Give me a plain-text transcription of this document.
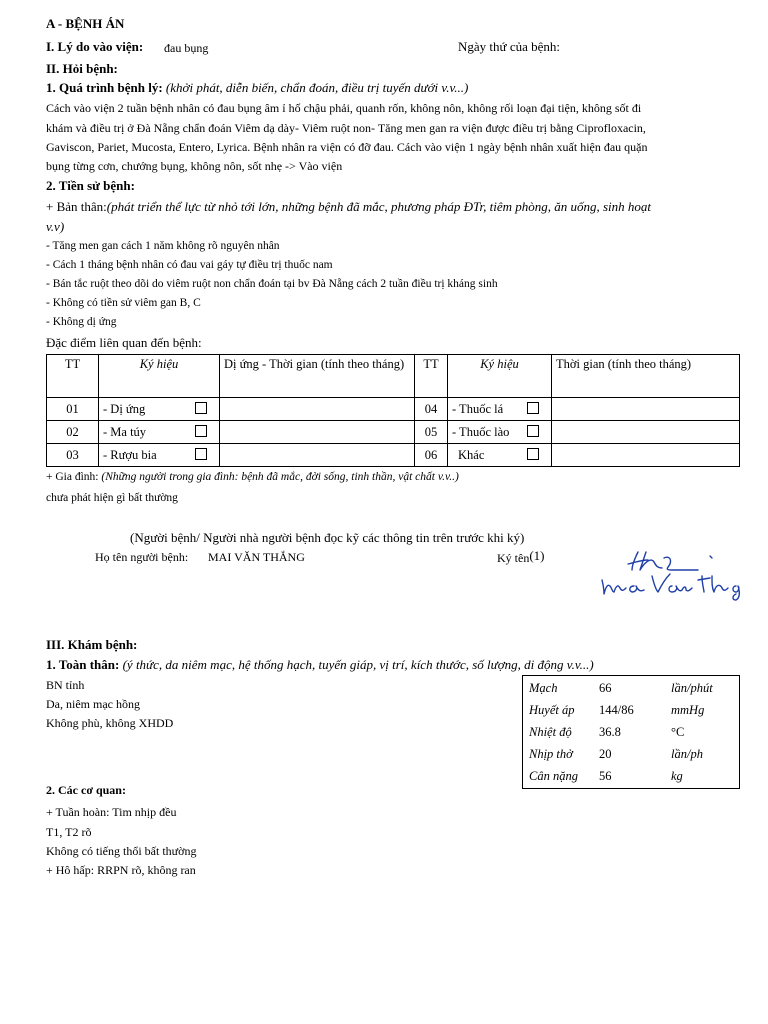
A - BỆNH ÁN
I. Lý do vào viện: đau bụng	Ngày thứ của bệnh:
II. Hỏi bệnh:
1. Quá trình bệnh lý: (khởi phát, diễn biến, chẩn đoán, điều trị tuyến dưới v.v...)
Cách vào viện 2 tuần bệnh nhân có đau bụng âm ỉ hố chậu phải, quanh rốn, không nôn, không rối loạn đại tiện, không sốt đi
khám và điều trị ở Đà Nẵng chẩn đoán Viêm dạ dày- Viêm ruột non- Tăng men gan ra viện được điều trị bằng Ciprofloxacin,
Gaviscon, Pariet, Mucosta, Entero, Lyrica. Bệnh nhân ra viện có đỡ đau. Cách vào viện 1 ngày bệnh nhân xuất hiện đau quặn
bụng từng cơn, chướng bụng, không nôn, sốt nhẹ -> Vào viện
2. Tiền sử bệnh:
+ Bản thân:(phát triển thể lực từ nhỏ tới lớn, những bệnh đã mắc, phương pháp ĐTr, tiêm phòng, ăn uống, sinh hoạt
v.v)
- Tăng men gan cách 1 năm không rõ nguyên nhân
- Cách 1 tháng bệnh nhân có đau vai gáy tự điều trị thuốc nam
- Bán tắc ruột theo dõi do viêm ruột non chẩn đoán tại bv Đà Nẵng cách 2 tuần điều trị kháng sinh
- Không có tiền sử viêm gan B, C
- Không dị ứng
Đặc điểm liên quan đến bệnh:
TT	Ký hiệu	Dị ứng - Thời gian (tính theo tháng)	TT	Ký hiệu	Thời gian (tính theo tháng)
01	- Dị ứng		04	- Thuốc lá

02	- Ma túy		05	- Thuốc lào

03	- Rượu bia		06	Khác

+ Gia đình: (Những người trong gia đình: bệnh đã mắc, đời sống, tinh thần, vật chất v.v..)
chưa phát hiện gì bất thường
(Người bệnh/ Người nhà người bệnh đọc kỹ các thông tin trên trước khi ký)
Họ tên người bệnh: MAI VĂN THẮNG	Ký tên(1)
III. Khám bệnh:
1. Toàn thân: (ý thức, da niêm mạc, hệ thống hạch, tuyến giáp, vị trí, kích thước, số lượng, di động v.v...)
BN tỉnh
Da, niêm mạc hồng
Không phù, không XHDD
Mạch	66	lần/phút
Huyết áp	144/86	mmHg
Nhiệt độ	36.8	°C
Nhịp thở	20	lần/ph
Cân nặng	56	kg
2. Các cơ quan:
+ Tuần hoàn: Tim nhịp đều
T1, T2 rõ
Không có tiếng thổi bất thường
+ Hô hấp: RRPN rõ, không ran
